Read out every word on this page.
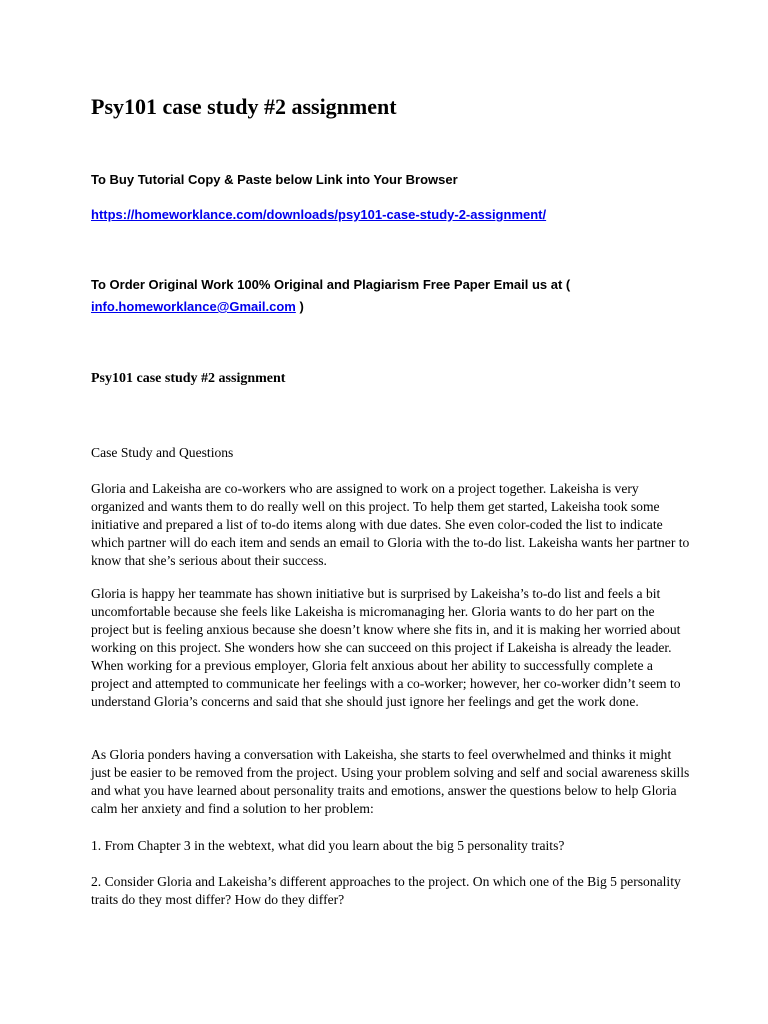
Psy101 case study #2 assignment

To Buy Tutorial Copy & Paste below Link into Your Browser

https://homeworklance.com/downloads/psy101-case-study-2-assignment/

To Order Original Work 100% Original and Plagiarism Free Paper Email us at (

info.homeworklance@Gmail.com )

Psy101 case study #2 assignment

Case Study and Questions

Gloria and Lakeisha are co-workers who are assigned to work on a project together. Lakeisha is very organized and wants them to do really well on this project. To help them get started, Lakeisha took some initiative and prepared a list of to-do items along with due dates. She even color-coded the list to indicate which partner will do each item and sends an email to Gloria with the to-do list. Lakeisha wants her partner to know that she’s serious about their success.

Gloria is happy her teammate has shown initiative but is surprised by Lakeisha’s to-do list and feels a bit uncomfortable because she feels like Lakeisha is micromanaging her. Gloria wants to do her part on the project but is feeling anxious because she doesn’t know where she fits in, and it is making her worried about working on this project. She wonders how she can succeed on this project if Lakeisha is already the leader. When working for a previous employer, Gloria felt anxious about her ability to successfully complete a project and attempted to communicate her feelings with a co-worker; however, her co-worker didn’t seem to understand Gloria’s concerns and said that she should just ignore her feelings and get the work done.

As Gloria ponders having a conversation with Lakeisha, she starts to feel overwhelmed and thinks it might just be easier to be removed from the project. Using your problem solving and self and social awareness skills and what you have learned about personality traits and emotions, answer the questions below to help Gloria calm her anxiety and find a solution to her problem:

1. From Chapter 3 in the webtext, what did you learn about the big 5 personality traits?

2. Consider Gloria and Lakeisha’s different approaches to the project. On which one of the Big 5 personality traits do they most differ? How do they differ?
